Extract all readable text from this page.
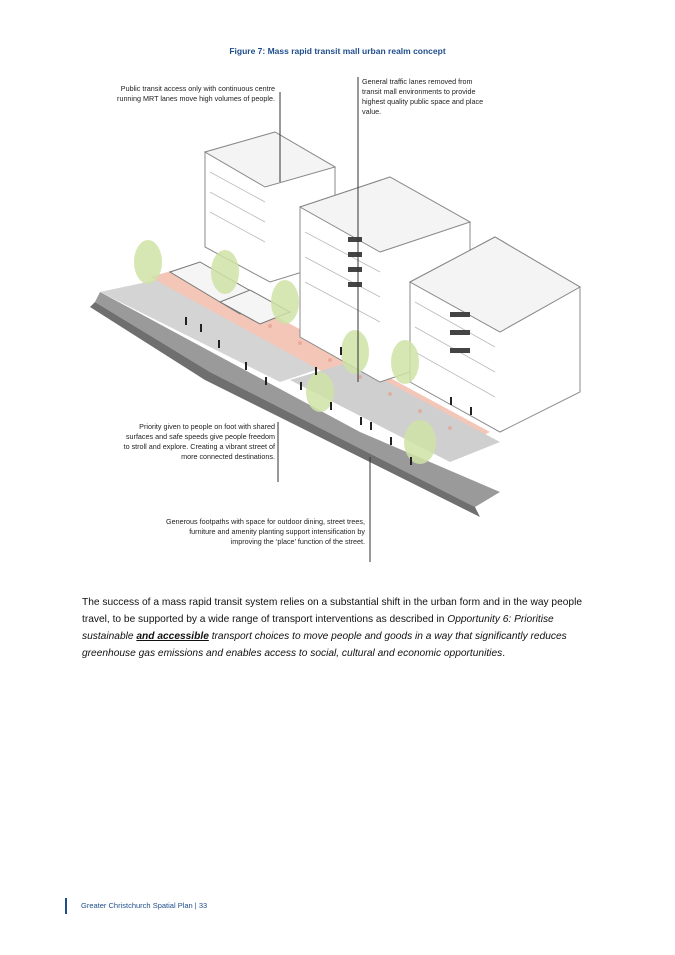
Figure 7: Mass rapid transit mall urban realm concept
Public transit access only with continuous centre running MRT lanes move high volumes of people.
General traffic lanes removed from transit mall environments to provide highest quality public space and place value.
Priority given to people on foot with shared surfaces and safe speeds give people freedom to stroll and explore. Creating a vibrant street of more connected destinations.
Generous footpaths with space for outdoor dining, street trees, furniture and amenity planting support intensification by improving the ‘place’ function of the street.
The success of a mass rapid transit system relies on a substantial shift in the urban form and in the way people travel, to be supported by a wide range of transport interventions as described in Opportunity 6: Prioritise sustainable and accessible transport choices to move people and goods in a way that significantly reduces greenhouse gas emissions and enables access to social, cultural and economic opportunities.
Greater Christchurch Spatial Plan | 33
